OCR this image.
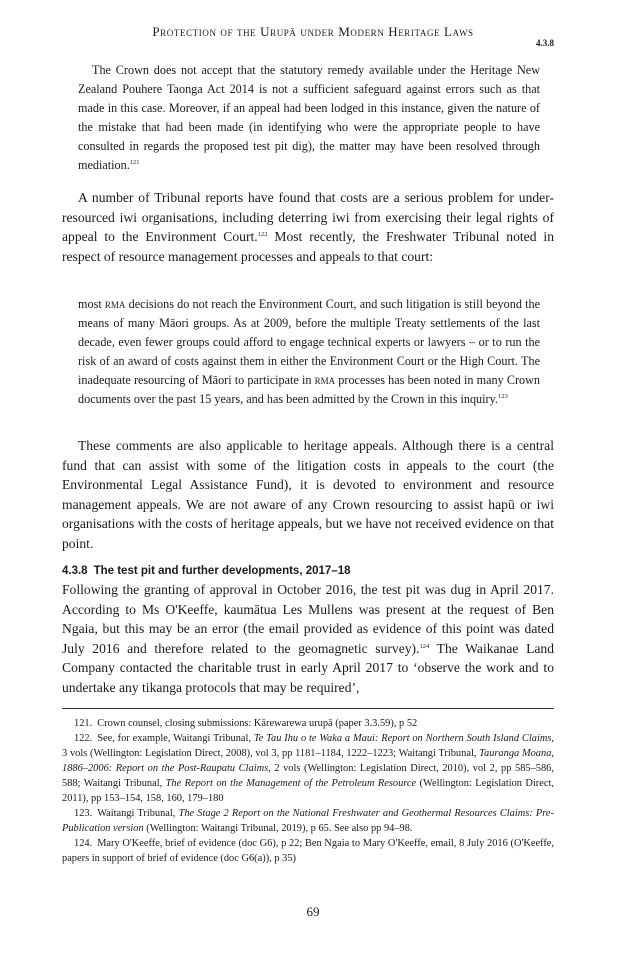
Protection of the Urupā under Modern Heritage Laws
4.3.8

The Crown does not accept that the statutory remedy available under the Heritage New Zealand Pouhere Taonga Act 2014 is not a sufficient safeguard against errors such as that made in this case. Moreover, if an appeal had been lodged in this instance, given the nature of the mistake that had been made (in identifying who were the appropriate people to have consulted in regards the proposed test pit dig), the matter may have been resolved through mediation.$^{121}$

A number of Tribunal reports have found that costs are a serious problem for under-resourced iwi organisations, including deterring iwi from exercising their legal rights of appeal to the Environment Court.$^{122}$ Most recently, the Freshwater Tribunal noted in respect of resource management processes and appeals to that court:

most rma decisions do not reach the Environment Court, and such litigation is still beyond the means of many Māori groups. As at 2009, before the multiple Treaty settlements of the last decade, even fewer groups could afford to engage technical experts or lawyers – or to run the risk of an award of costs against them in either the Environment Court or the High Court. The inadequate resourcing of Māori to participate in rma processes has been noted in many Crown documents over the past 15 years, and has been admitted by the Crown in this inquiry.$^{123}$

These comments are also applicable to heritage appeals. Although there is a central fund that can assist with some of the litigation costs in appeals to the court (the Environmental Legal Assistance Fund), it is devoted to environment and resource management appeals. We are not aware of any Crown resourcing to assist hapū or iwi organisations with the costs of heritage appeals, but we have not received evidence on that point.

4.3.8 The test pit and further developments, 2017–18

Following the granting of approval in October 2016, the test pit was dug in April 2017. According to Ms O'Keeffe, kaumātua Les Mullens was present at the request of Ben Ngaia, but this may be an error (the email provided as evidence of this point was dated July 2016 and therefore related to the geomagnetic survey).$^{124}$ The Waikanae Land Company contacted the charitable trust in early April 2017 to ‘observe the work and to undertake any tikanga protocols that may be required’,

121. Crown counsel, closing submissions: Kārewarewa urupā (paper 3.3.59), p 52

122. See, for example, Waitangi Tribunal, Te Tau Ihu o te Waka a Maui: Report on Northern South Island Claims, 3 vols (Wellington: Legislation Direct, 2008), vol 3, pp 1181–1184, 1222–1223; Waitangi Tribunal, Tauranga Moana, 1886–2006: Report on the Post-Raupatu Claims, 2 vols (Wellington: Legislation Direct, 2010), vol 2, pp 585–586, 588; Waitangi Tribunal, The Report on the Management of the Petroleum Resource (Wellington: Legislation Direct, 2011), pp 153–154, 158, 160, 179–180

123. Waitangi Tribunal, The Stage 2 Report on the National Freshwater and Geothermal Resources Claims: Pre-Publication version (Wellington: Waitangi Tribunal, 2019), p 65. See also pp 94–98.

124. Mary O'Keeffe, brief of evidence (doc G6), p 22; Ben Ngaia to Mary O'Keeffe, email, 8 July 2016 (O'Keeffe, papers in support of brief of evidence (doc G6(a)), p 35)

69
